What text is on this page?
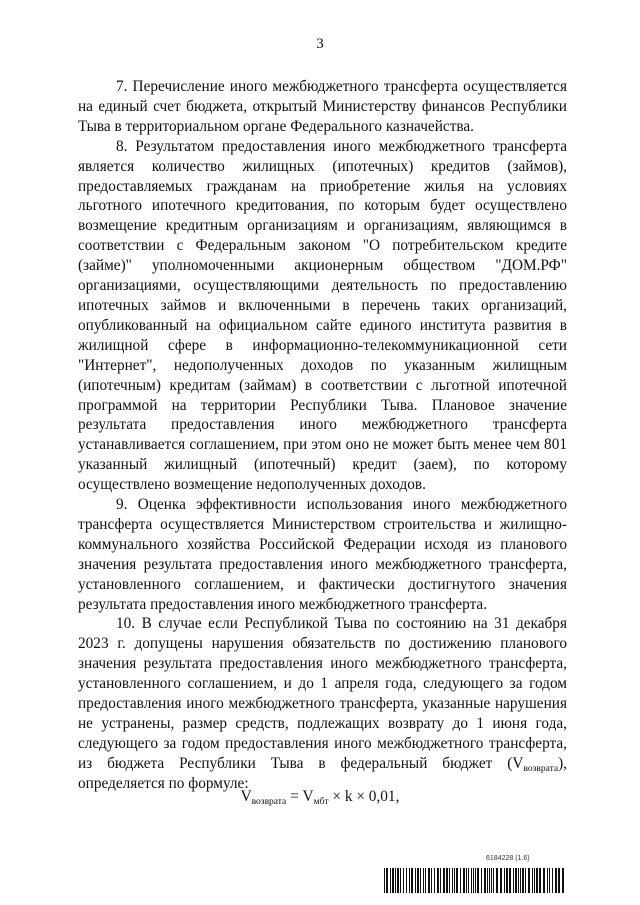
3

7. Перечисление иного межбюджетного трансферта осуществляется на единый счет бюджета, открытый Министерству финансов Республики Тыва в территориальном органе Федерального казначейства.

8. Результатом предоставления иного межбюджетного трансферта является количество жилищных (ипотечных) кредитов (займов), предоставляемых гражданам на приобретение жилья на условиях льготного ипотечного кредитования, по которым будет осуществлено возмещение кредитным организациям и организациям, являющимся в соответствии с Федеральным законом "О потребительском кредите (займе)" уполномоченными акционерным обществом "ДОМ.РФ" организациями, осуществляющими деятельность по предоставлению ипотечных займов и включенными в перечень таких организаций, опубликованный на официальном сайте единого института развития в жилищной сфере в информационно-телекоммуникационной сети "Интернет", недополученных доходов по указанным жилищным (ипотечным) кредитам (займам) в соответствии с льготной ипотечной программой на территории Республики Тыва. Плановое значение результата предоставления иного межбюджетного трансферта устанавливается соглашением, при этом оно не может быть менее чем 801 указанный жилищный (ипотечный) кредит (заем), по которому осуществлено возмещение недополученных доходов.

9. Оценка эффективности использования иного межбюджетного трансферта осуществляется Министерством строительства и жилищно-коммунального хозяйства Российской Федерации исходя из планового значения результата предоставления иного межбюджетного трансферта, установленного соглашением, и фактически достигнутого значения результата предоставления иного межбюджетного трансферта.

10. В случае если Республикой Тыва по состоянию на 31 декабря 2023 г. допущены нарушения обязательств по достижению планового значения результата предоставления иного межбюджетного трансферта, установленного соглашением, и до 1 апреля года, следующего за годом предоставления иного межбюджетного трансферта, указанные нарушения не устранены, размер средств, подлежащих возврату до 1 июня года, следующего за годом предоставления иного межбюджетного трансферта, из бюджета Республики Тыва в федеральный бюджет $(V_{возврата})$, определяется по формуле:

$V_{возврата} = V_{мбт} \times k \times 0,01$,
6184228 (1.6)
